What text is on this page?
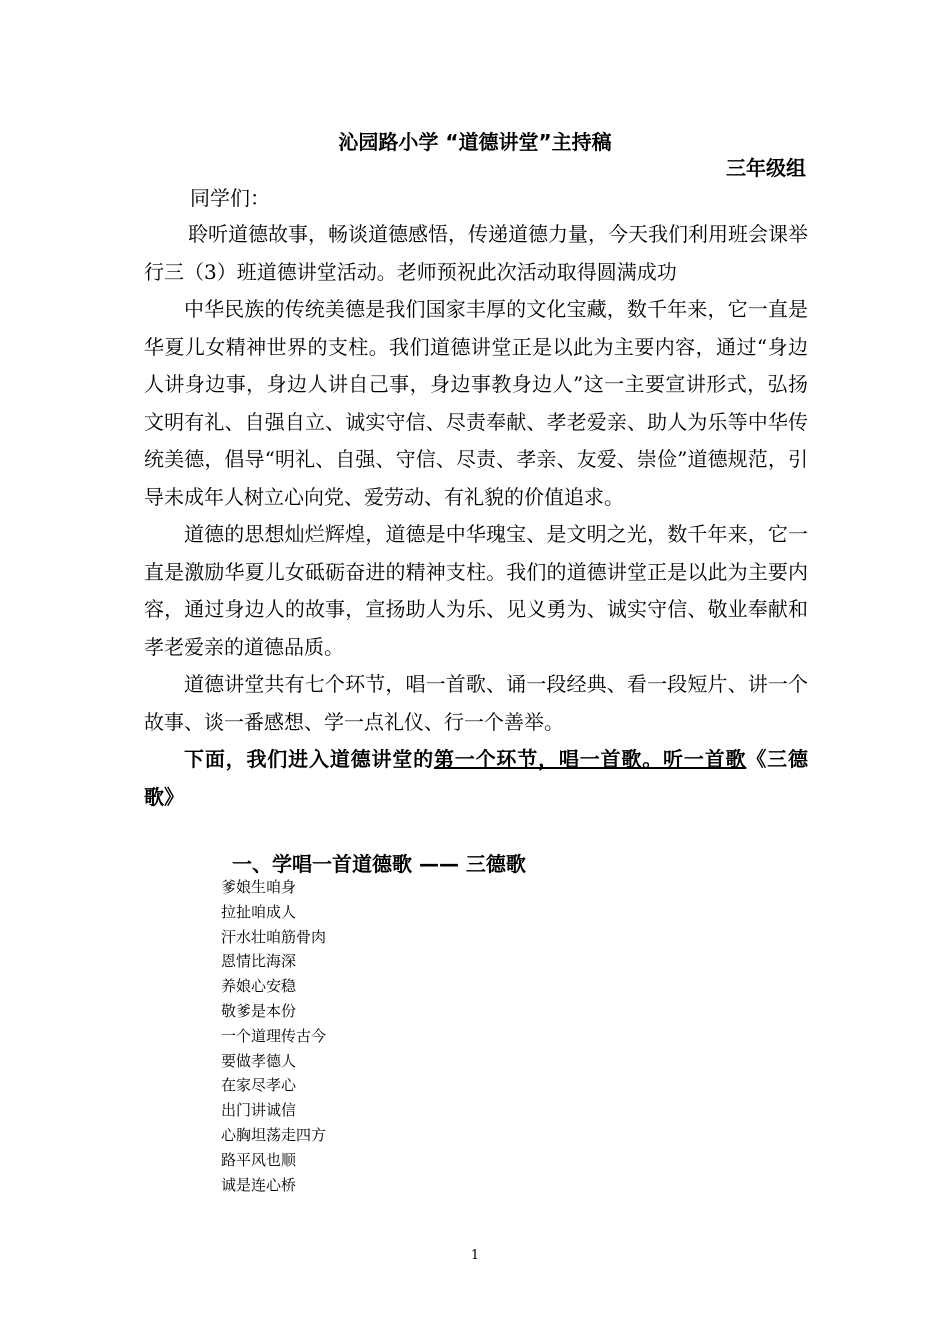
沁园路小学 “道德讲堂”主持稿
三年级组
同学们：

聆听道德故事，畅谈道德感悟，传递道德力量，今天我们利用班会课举行三（3）班道德讲堂活动。老师预祝此次活动取得圆满成功

中华民族的传统美德是我们国家丰厚的文化宝藏，数千年来，它一直是华夏儿女精神世界的支柱。我们道德讲堂正是以此为主要内容，通过“身边人讲身边事，身边人讲自己事，身边事教身边人”这一主要宣讲形式，弘扬文明有礼、自强自立、诚实守信、尽责奉献、孝老爱亲、助人为乐等中华传统美德，倡导“明礼、自强、守信、尽责、孝亲、友爱、崇俭”道德规范，引导未成年人树立心向党、爱劳动、有礼貌的价值追求。

道德的思想灿烂辉煌，道德是中华瑰宝、是文明之光，数千年来，它一直是激励华夏儿女砥砺奋进的精神支柱。我们的道德讲堂正是以此为主要内容，通过身边人的故事，宣扬助人为乐、见义勇为、诚实守信、敬业奉献和孝老爱亲的道德品质。

道德讲堂共有七个环节，唱一首歌、诵一段经典、看一段短片、讲一个故事、谈一番感想、学一点礼仪、行一个善举。

下面，我们进入道德讲堂的第一个环节，唱一首歌。听一首歌《三德歌》

一、学唱一首道德歌 —— 三德歌
爹娘生咱身
拉扯咱成人
汗水壮咱筋骨肉
恩情比海深
养娘心安稳
敬爹是本份
一个道理传古今
要做孝德人
在家尽孝心
出门讲诚信
心胸坦荡走四方
路平风也顺
诚是连心桥
1
